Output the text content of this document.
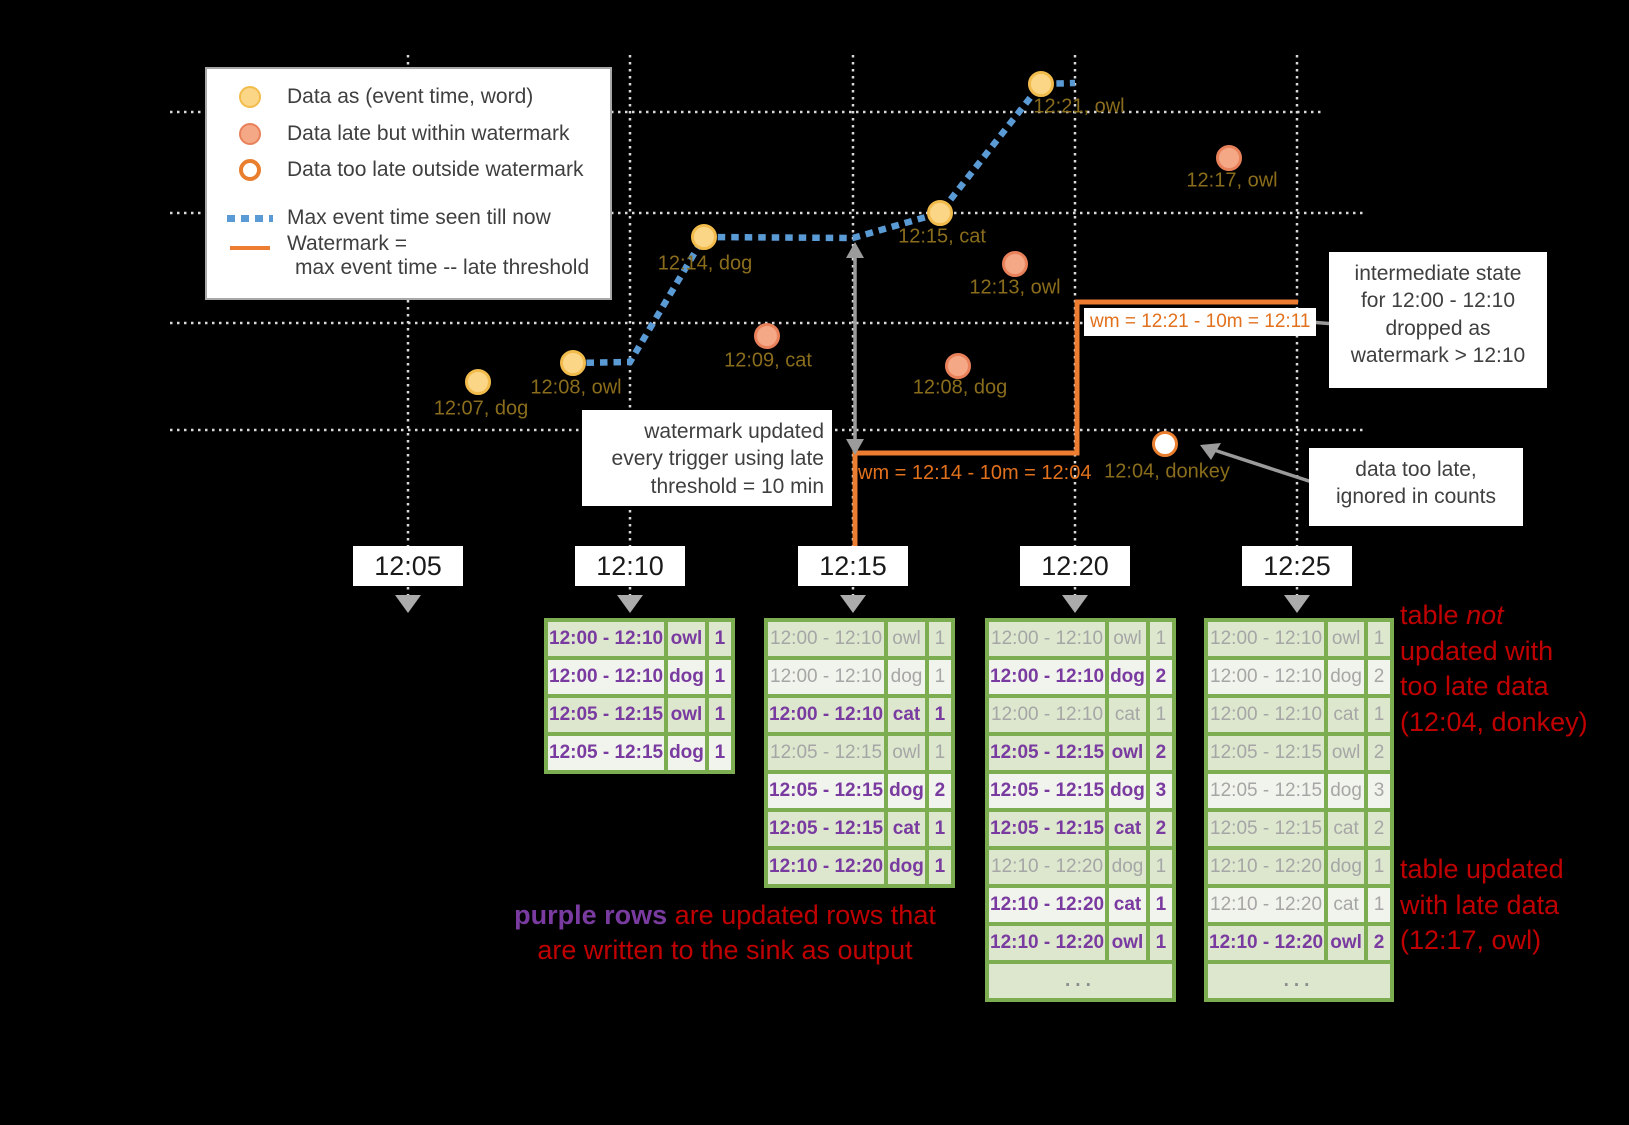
12:07, dog
12:08, owl
12:09, cat
12:14, dog
12:15, cat
12:13, owl
12:08, dog
12:21, owl
12:17, owl
12:04, donkey
12:05	12:10	12:15	12:20	12:25
12:00 - 12:10	owl	1
12:00 - 12:10	dog	1
12:05 - 12:15	owl	1
12:05 - 12:15	dog	1
12:00 - 12:10	owl	1
12:00 - 12:10	dog	1
12:00 - 12:10	cat	1
12:05 - 12:15	owl	1
12:05 - 12:15	dog	2
12:05 - 12:15	cat	1
12:10 - 12:20	dog	1
12:00 - 12:10	owl	1
12:00 - 12:10	dog	2
12:00 - 12:10	cat	1
12:05 - 12:15	owl	2
12:05 - 12:15	dog	3
12:05 - 12:15	cat	2
12:10 - 12:20	dog	1
12:10 - 12:20	cat	1
12:10 - 12:20	owl	1
...		
12:00 - 12:10	owl	1
12:00 - 12:10	dog	2
12:00 - 12:10	cat	1
12:05 - 12:15	owl	2
12:05 - 12:15	dog	3
12:05 - 12:15	cat	2
12:10 - 12:20	dog	1
12:10 - 12:20	cat	1
12:10 - 12:20	owl	2
...		
Data as (event time, word)
Data late but within watermark
Data too late outside watermark
Max event time seen till now
Watermark =
max event time -- late threshold
wm = 12:14 - 10m = 12:04
wm = 12:21 - 10m = 12:11
watermark updated
every trigger using late
threshold = 10 min
intermediate state
for 12:00 - 12:10
dropped as
watermark > 12:10
data too late,
ignored in counts
table not
updated with
too late data
(12:04, donkey)
table updated
with late data
(12:17, owl)
purple rows are updated rows that
are written to the sink as output
